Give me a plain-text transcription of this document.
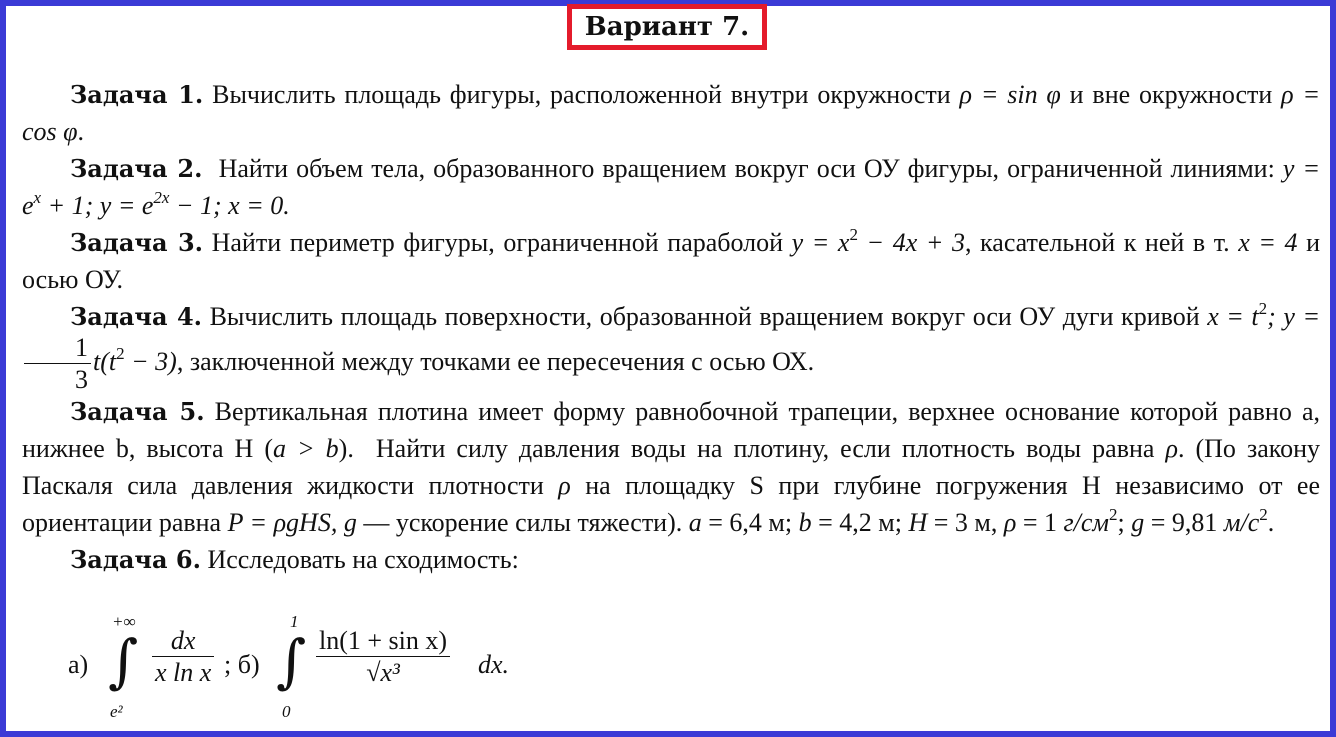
Вариант 7.

Задача 1. Вычислить площадь фигуры, расположенной внутри окружности ρ = sin φ и вне окружности ρ = cos φ.

Задача 2.  Найти объем тела, образованного вращением вокруг оси ОУ фигуры, ограниченной линиями: $y = e^x + 1$; $y = e^{2x} - 1$; x = 0.

Задача 3. Найти периметр фигуры, ограниченной параболой $y = x^2 - 4x + 3$, касательной к ней в т. x = 4 и осью ОУ.

Задача 4. Вычислить площадь поверхности, образованной вращением вокруг оси ОУ дуги кривой $x = t^2$; y =
$\frac{1}{3} t(t^2 - 3)$, заключенной между точками ее пересечения с осью ОХ.

Задача 5. Вертикальная плотина имеет форму равнобочной трапеции, верхнее основание которой равно a, нижнее b, высота H (a > b).  Найти силу давления воды на плотину, если плотность воды равна ρ. (По закону Паскаля сила давления жидкости плотности ρ на площадку S при глубине погружения H независимо от ее ориентации равна P = ρgHS, g — ускорение силы тяжести). a = 6,4 м; b = 4,2 м; H = 3 м, ρ = 1 $г/см^2$; g = 9,81 $м/с^2$.

Задача 6. Исследовать на сходимость:

а)
+∞
∫
e²
$\frac{dx}{\text{x ln x}}$ ; б)
1
∫
0
$\frac{\text{ln(1 + sin x)}}{\text{√x³}}$ dx.
